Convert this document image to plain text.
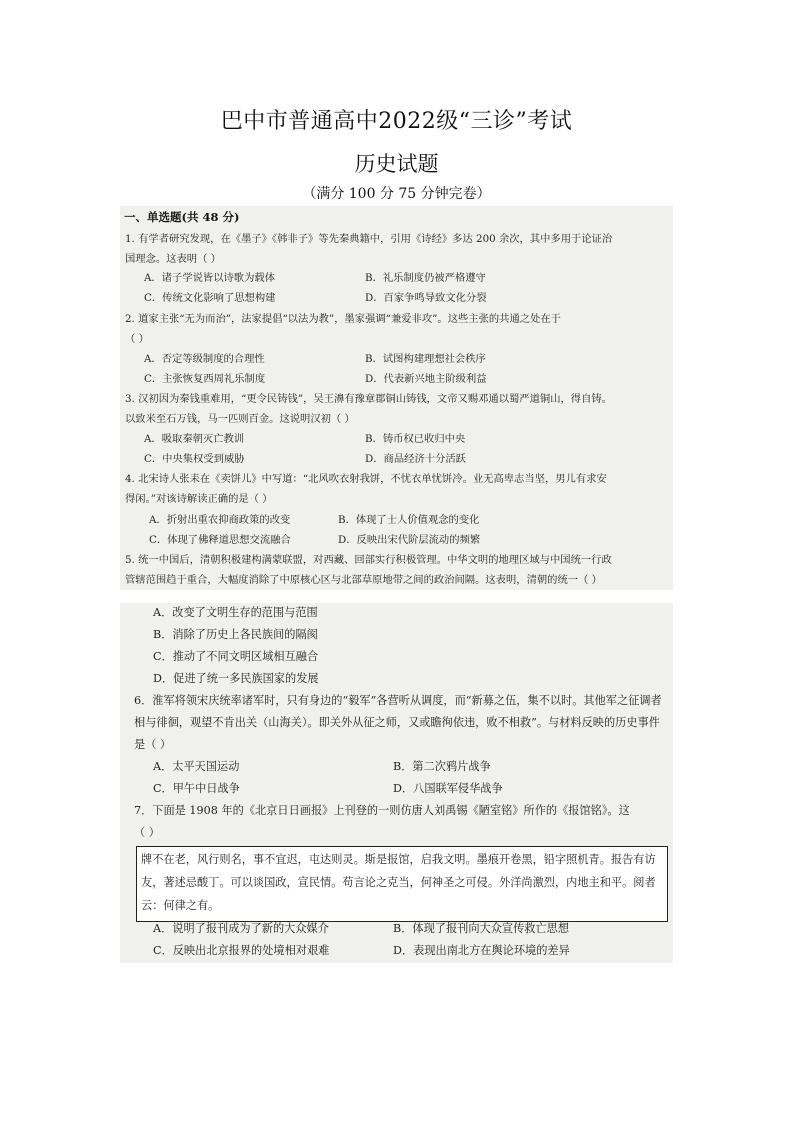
巴中市普通高中2022级“三诊”考试
历史试题
（满分 100 分 75 分钟完卷）
一、单选题(共 48 分)
1. 有学者研究发现，在《墨子》《韩非子》等先秦典籍中，引用《诗经》多达 200 余次，其中多用于论证治
国理念。这表明（ ）
A．诸子学说皆以诗歌为载体	B．礼乐制度仍被严格遵守
C．传统文化影响了思想构建	D．百家争鸣导致文化分裂
2. 道家主张“无为而治”，法家提倡“以法为教”，墨家强调“兼爱非攻”。这些主张的共通之处在于
（ ）
A．否定等级制度的合理性	B．试图构建理想社会秩序
C．主张恢复西周礼乐制度	D．代表新兴地主阶级利益
3. 汉初因为秦钱重难用，“更令民铸钱”，吴王濞有豫章郡铜山铸钱，文帝又赐邓通以蜀严道铜山，得自铸。
以致米至石万钱，马一匹则百金。这说明汉初（ ）
A．吸取秦朝灭亡教训	B．铸币权已收归中央
C．中央集权受到威胁	D．商品经济十分活跃
4. 北宋诗人张耒在《卖饼儿》中写道：“北风吹衣射我饼，不忧衣单忧饼冷。业无高卑志当坚，男儿有求安
得闲。”对该诗解读正确的是（ ）
A．折射出重农抑商政策的改变	B．体现了士人价值观念的变化
C．体现了佛释道思想交流融合	D．反映出宋代阶层流动的频繁
5. 统一中国后，清朝积极建构满蒙联盟，对西藏、回部实行积极管理。中华文明的地理区域与中国统一行政
管辖范围趋于重合，大幅度消除了中原核心区与北部草原地带之间的政治间隔。这表明，清朝的统一（ ）
A．改变了文明生存的范围与范围
B．消除了历史上各民族间的隔阂
C．推动了不同文明区域相互融合
D．促进了统一多民族国家的发展
6．淮军将领宋庆统率诸军时，只有身边的“毅军”各营听从调度，而“新募之伍，集不以时。其他军之征调者
相与徘徊，观望不肯出关（山海关）。即关外从征之师，又或瞻徇依违，败不相救”。与材料反映的历史事件
是（ ）
A．太平天国运动	B．第二次鸦片战争
C．甲午中日战争	D．八国联军侵华战争
7．下面是 1908 年的《北京日日画报》上刊登的一则仿唐人刘禹锡《陋室铭》所作的《报馆铭》。这
（ ）
牌不在老，风行则名，事不宜迟，屯达则灵。斯是报馆，启我文明。墨痕开卷黑，铅字照机青。报告有访
友，著述忌酸丁。可以谈国政，宣民情。苟言论之克当，何神圣之可侵。外洋尚激烈，内地主和平。阅者
云：何律之有。
A．说明了报刊成为了新的大众媒介	B．体现了报刊向大众宣传救亡思想
C．反映出北京报界的处境相对艰难	D．表现出南北方在舆论环境的差异
